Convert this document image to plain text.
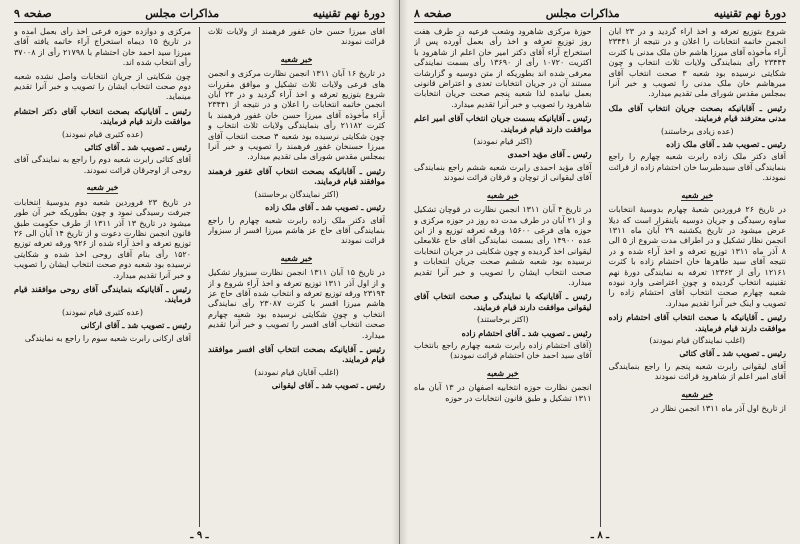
دورهٔ نهم تقنینیه
مذاکرات مجلس
صفحه ۹

آقای میرزا حسن خان غفور فرهمند از ولایات ثلاث قرائت نمودند

خبر شعبه

در تاریخ ۱۶ آبان ۱۳۱۱ انجمن نظارت مرکزی و انجمن های فرعی ولایات ثلاث تشکیل و موافق مقررات شروع بتوزیع تعرفه و اخذ آراء گردید و در ۲۳ آبان انجمن خاتمه انتخابات را اعلان و در نتیجه از ۲۳۴۴۱ آراء مأخوذه آقای میرزا حسن خان غفور فرهمند با کثرت ۲۱۱۸۲ رأی بنمایندگی ولایات ثلاث انتخاب و چون شکایتی نرسیده بود شعبه ۳ صحت انتخاب آقای میرزا حسنخان غفور فرهمند را تصویب و خبر آنرا بمجلس مقدس شورای ملی تقدیم میدارد.

رئیس ـ آقابانیکه بصحت انتخاب آقای غفور فرهمند موافقند قیام فرمایند.

(اکثر نمایندگان برخاستند)

رئیس ـ تصویب شد ـ آقای ملک زاده

آقای دکتر ملک زاده رابرت شعبه چهارم را راجع بنمایندگی آقای حاج عز هاشم میرزا افسر از سبزوار قرائت نمودند

خبر شعبه

در تاریخ ۱۵ آبان ۱۳۱۱ انجمن نظارت سبزوار تشکیل و از اول آذر ۱۳۱۱ توزیع تعرفه و اخذ آراء شروع و از ۲۳۱۹۴ ورقه توزیع تعرفه و انتخاب شده آقای حاج عز هاشم میرزا افسر با کثرت ۲۳۰۸۷ رأی نمایندگی انتخاب و چون شکایتی نرسیده بود شعبه چهارم صحت انتخاب آقای افسر را تصویب و خبر آنرا تقدیم میدارد.

رئیس ـ آقایانیکه بصحت انتخاب آقای افسر موافقند قیام فرمایند.

(اغلب آقایان قیام نمودند)

رئیس ـ تصویب شد ـ آقای لیقوانی

مرکزی و دوازده حوزه فرعی اخذ رأی بعمل آمده و در تاریخ ۱۵ دیماه استخراج آراء خاتمه یافته آقای میرزا سید احمد خان احتشام با ۲۱۷۹۸ رأی از ۳۷۰۰۸ رأی انتخاب شده اند.

چون شکایتی از جریان انتخابات واصل نشده شعبه دوم صحت انتخاب ایشان را تصویب و خبر آنرا تقدیم مینماید.

رئیس ـ آقایانیکه بصحت انتخاب آقای دکتر احتشام موافقت دارند قیام فرمایند.

(عده کثیری قیام نمودند)

رئیس ـ تصویب شد ـ آقای کتائی

آقای کتائی رابرت شعبه دوم را راجع به نمایندگی آقای روحی از اوجرقان قرائت نمودند.

خبر شعبه

در تاریخ ۲۳ فروردین شعبه دوم بدوسیهٔ انتخابات جبرفت رسیدگی نمود و چون بطوریکه خبر آن طور میشود در تاریخ ۱۳ آذر ۱۳۱۱ از طرف حکومت طبق قانون انجمن نظارت دعوت و از تاریخ ۱۴ آبان الی ۲۶ توزیع تعرفه و اخذ آراء شده از ۹۲۶ ورقه تعرفه توزیع ۱۵۲۰ رأی بنام آقای روحی اخذ شده و شکایتی نرسیده بود شعبه دوم صحت انتخاب ایشان را تصویب و خبر آنرا تقدیم میدارد.

رئیس ـ آقایانیکه بنمایندگی آقای روحی موافقند قیام فرمایند.

(عده کثیری قیام نمودند)

رئیس ـ تصویب شد ـ آقای ارکانی

آقای ارکانی رابرت شعبه سوم را راجع به نمایندگی

ـ ۹ ـ
دورهٔ نهم تقنینیه
مذاکرات مجلس
صفحه ۸

شروع بتوزیع تعرفه و اخذ آراء گردید و در ۲۳ آبان انجمن خاتمه انتخابات را اعلان و در نتیجه از ۲۳۴۴۱ آراء مأخوذه آقای میرزا هاشم خان ملک مدنی با کثرت ۲۳۴۴۴ رأی بنمایندگی ولایات ثلاث انتخاب و چون شکایتی نرسیده بود شعبه ۳ صحت انتخاب آقای میرهاشم خان ملک مدنی را تصویب و خبر آنرا بمجلس مقدس شورای ملی تقدیم میدارد.

رئیس ـ آقابانیکه بصحت جریان انتخاب آقای ملک مدنی معترفند قیام فرمایند.

(عده زیادی برخاستند)

رئیس ـ تصویب شد ـ آقای ملک زاده

آقای دکتر ملک زاده رابرت شعبه چهارم را راجع بنمایندگی آقای سیدطبرسا خان احتشام زاده از قرائت نمودند.

خبر شعبه

در تاریخ ۲۶ فروردین شعبهٔ چهارم بدوسیهٔ انتخابات ساوه رسیدگی و جریان دوسیه باینقرار است که دیلا عرض میشود در تاریخ یکشنبه ۲۹ آبان ماه ۱۳۱۱ انجمن نظار تشکیل و در اطراف مدت شروع از ۵ الی ۸ آذر ماه ۱۳۱۱ توزیع تعرفه و اخذ آراء شده و در نتیجه آقای سید طاهرها خان احتشام زاده با کثرت ۱۲۱۶۱ رأی از ۱۲۳۶۲ تعرفه به نمایندگی دورهٔ نهم تقنینیه انتخاب گردیده و چون اعتراضی وارد نبوده شعبه چهارم صحت انتخاب آقای احتشام زاده را تصویب و اینک خبر آنرا تقدیم میدارد.

رئیس ـ آقایانیکه با صحت انتخاب آقای احتشام زاده موافقت دارند قیام فرمایند.

(اغلب نمایندگان قیام نمودند)

رئیس ـ تصویب شد ـ آقای کتائی

آقای لیقوانی رابرت شعبه پنجم را راجع بنمایندگی آقای امیر اعلم از شاهرود قرائت نمودند

خبر شعبه

از تاریخ اول آذر ماه ۱۳۱۱ انجمن نظار در

حوزهٔ مرکزی شاهرود وشعب فرعیه در طرف هفت روز توزیع تعرفه و اخذ رأی بعمل آورده پس از استخراج آراء آقای دکتر امیر خان اعلم از شاهرود با اکثریت ۱۰۷۲۰ رأی از ۱۳۶۹۰ رأی بسمت نمایندگی معرفی شده اند بطوریکه از متن دوسیه و گزارشات مستند آن در جریان انتخابات تعدی و اعتراض قانونی بعمل نیامده لذا شعبه پنجم صحت جریان انتخابات شاهرود را تصویب و خبر آنرا تقدیم میدارد.

رئیس ـ آقایانیکه بسمت جریان انتخاب آقای امیر اعلم موافقت دارند قیام فرمایند.

(اکثر قیام نمودند)

رئیس ـ آقای مؤید احمدی

آقای مؤید احمدی رابرت شعبه ششم راجع بنمایندگی آقای لیقوانی از توچان و قرقان قرائت نمودند

خبر شعبه

در تاریخ ۴ آبان ۱۳۱۱ انجمن نظارت در قوچان تشکیل و از ۲۱ آبان در طرف مدت ده روز در حوزه مرکزی و حوزه های فرعی ۱۵۶۰۰ ورقه تعرفه توزیع و از این عده ۱۴۹۰۰ رأی بسمت نمایندگی آقای حاج غلامعلی لیقوانی اخذ گردیده و چون شکایتی در جریان انتخابات نرسیده بود شعبه ششم صحت جریان انتخابات و صحت انتخاب ایشان را تصویب و خبر آنرا تقدیم میدارد.

رئیس ـ آقایانیکه با نمایندگی و صحت انتخاب آقای لیقوانی موافقت دارند قیام فرمایند.

(اکثر برخاستند)

رئیس ـ تصویب شد ـ آقای احتشام زاده

(آقای احتشام زاده رابرت شعبه چهارم راجع بانتخاب آقای سید احمد خان احتشام قرائت نمودند)

خبر شعبه

انجمن نظارت حوزه انتخابیه اصفهان در ۱۳ آبان ماه ۱۳۱۱ تشکیل و طبق قانون انتخابات در حوزه

ـ ۸ ـ
